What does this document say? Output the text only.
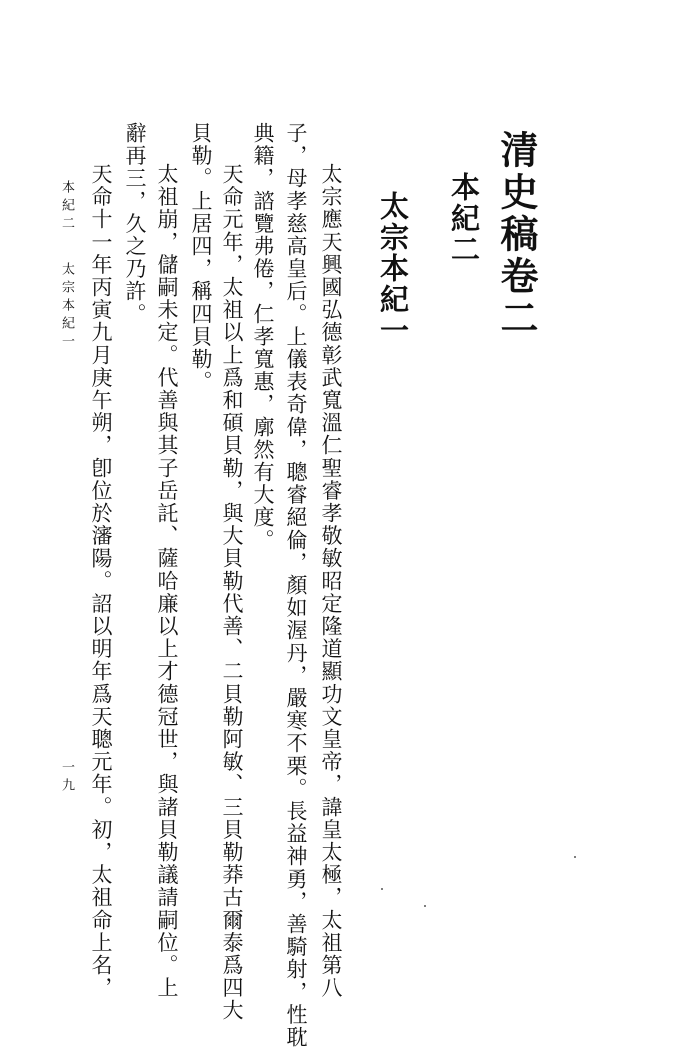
清史稿卷二
本紀二
太宗本紀一
太宗應天興國弘德彰武寬溫仁聖睿孝敬敏昭定隆道顯功文皇帝，諱皇太極，太祖第八
子，母孝慈高皇后。上儀表奇偉，聰睿絕倫，顏如渥丹，嚴寒不栗。長益神勇，善騎射，性耽
典籍，諮覽弗倦，仁孝寬惠，廓然有大度。
天命元年，太祖以上爲和碩貝勒，與大貝勒代善、二貝勒阿敏、三貝勒莽古爾泰爲四大
貝勒。上居四，稱四貝勒。
太祖崩，儲嗣未定。代善與其子岳託、薩哈廉以上才德冠世，與諸貝勒議請嗣位。上
辭再三，久之乃許。
天命十一年丙寅九月庚午朔，卽位於瀋陽。詔以明年爲天聰元年。初，太祖命上名，
本紀二
太宗本紀一
一九
